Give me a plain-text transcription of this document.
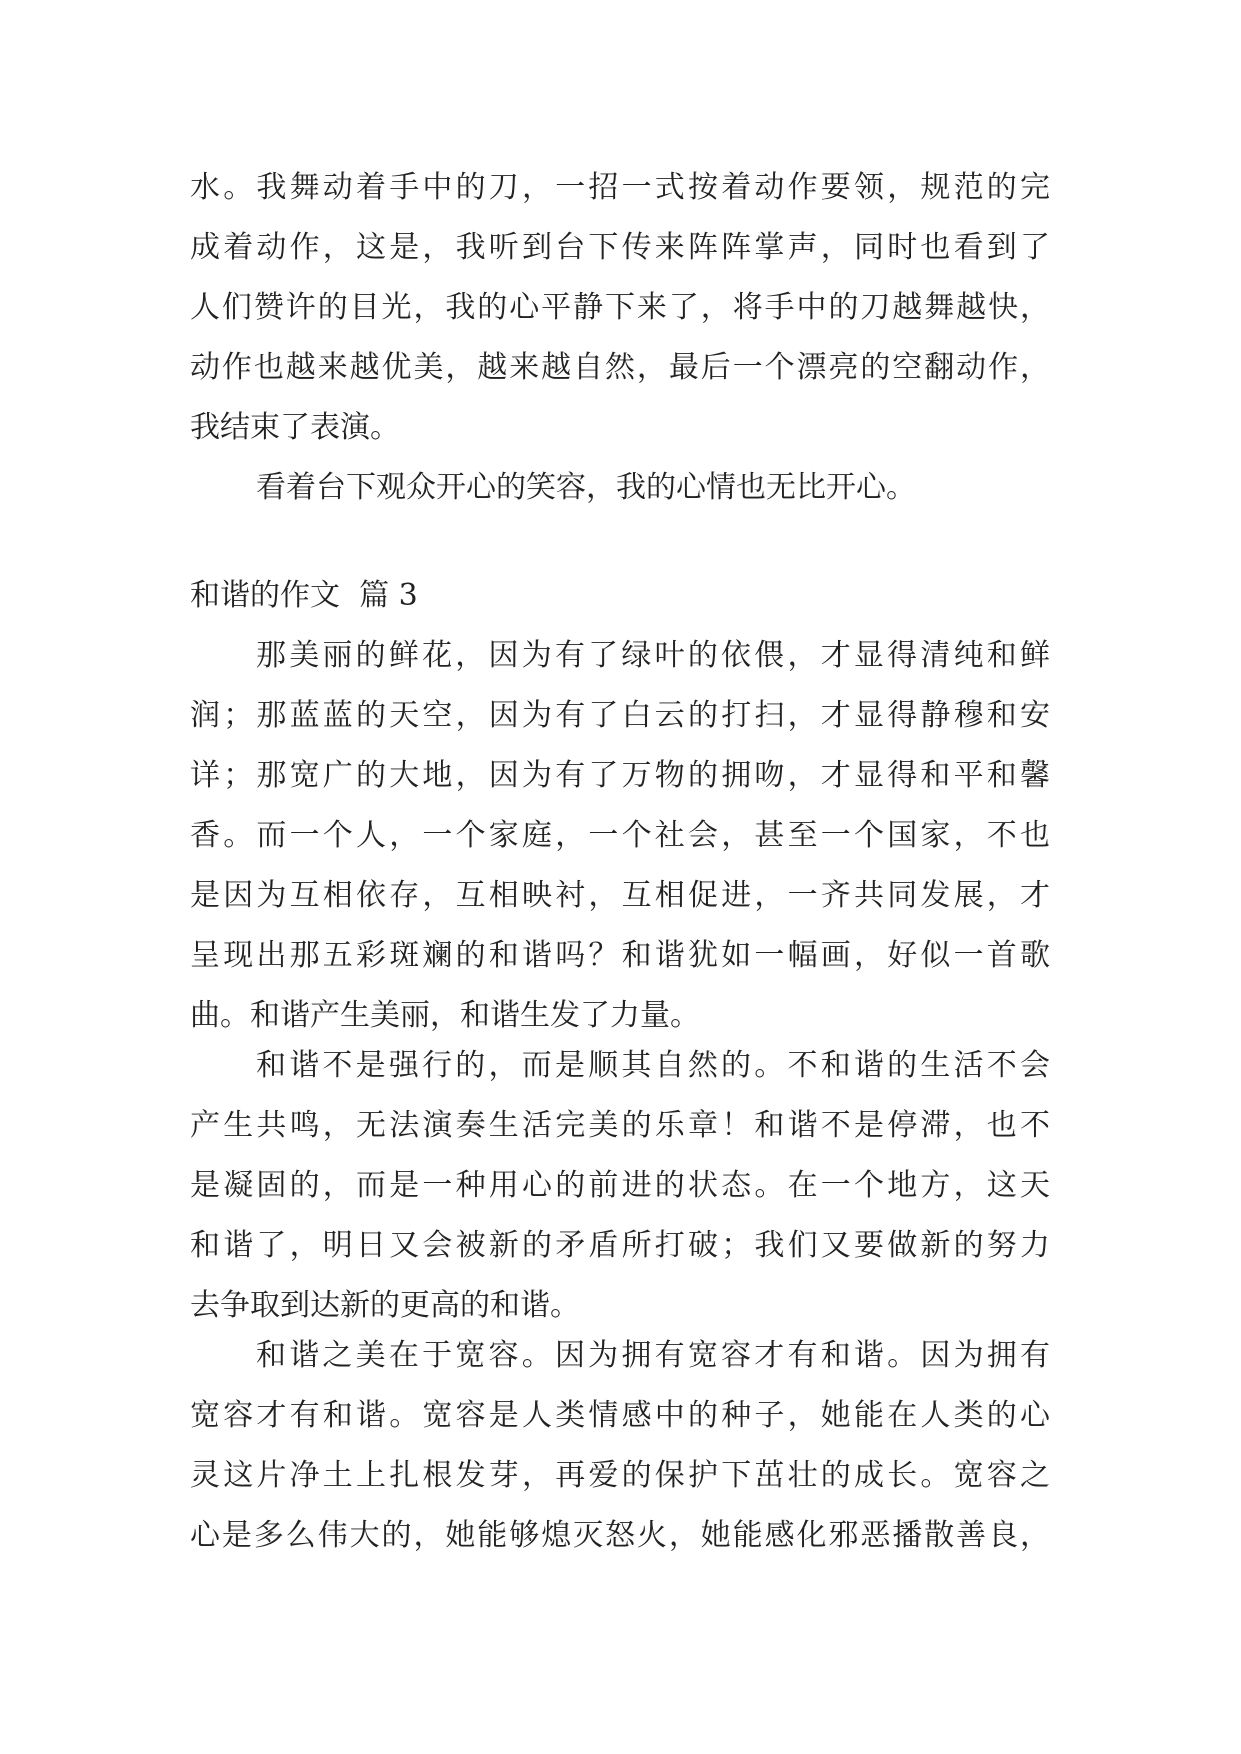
水。我舞动着手中的刀，一招一式按着动作要领，规范的完
成着动作，这是，我听到台下传来阵阵掌声，同时也看到了
人们赞许的目光，我的心平静下来了，将手中的刀越舞越快，
动作也越来越优美，越来越自然，最后一个漂亮的空翻动作，
我结束了表演。
看着台下观众开心的笑容，我的心情也无比开心。
和谐的作文  篇 3
那美丽的鲜花，因为有了绿叶的依偎，才显得清纯和鲜
润；那蓝蓝的天空，因为有了白云的打扫，才显得静穆和安
详；那宽广的大地，因为有了万物的拥吻，才显得和平和馨
香。而一个人，一个家庭，一个社会，甚至一个国家，不也
是因为互相依存，互相映衬，互相促进，一齐共同发展，才
呈现出那五彩斑斓的和谐吗？和谐犹如一幅画，好似一首歌
曲。和谐产生美丽，和谐生发了力量。
和谐不是强行的，而是顺其自然的。不和谐的生活不会
产生共鸣，无法演奏生活完美的乐章！和谐不是停滞，也不
是凝固的，而是一种用心的前进的状态。在一个地方，这天
和谐了，明日又会被新的矛盾所打破；我们又要做新的努力
去争取到达新的更高的和谐。
和谐之美在于宽容。因为拥有宽容才有和谐。因为拥有
宽容才有和谐。宽容是人类情感中的种子，她能在人类的心
灵这片净土上扎根发芽，再爱的保护下茁壮的成长。宽容之
心是多么伟大的，她能够熄灭怒火，她能感化邪恶播散善良，
